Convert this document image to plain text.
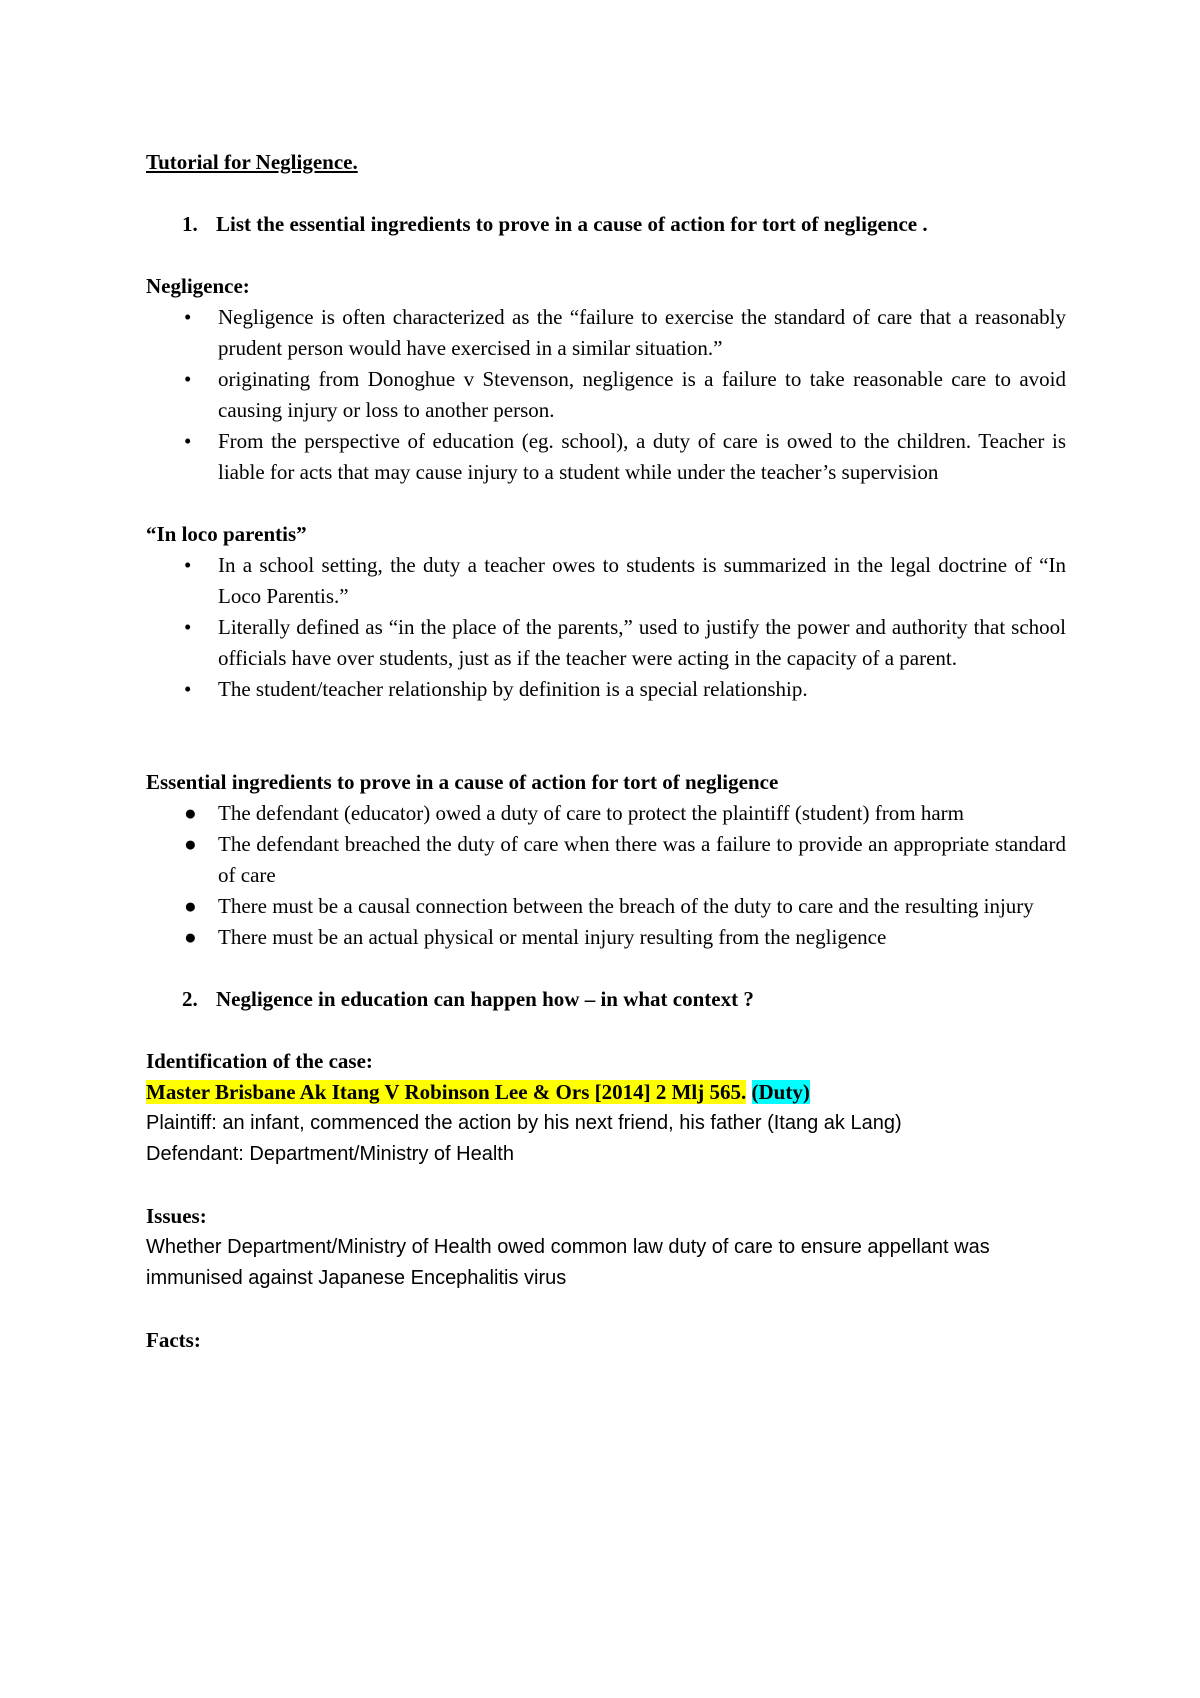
Tutorial for Negligence.

1. List the essential ingredients to prove in a cause of action for tort of negligence .

Negligence:

• Negligence is often characterized as the “failure to exercise the standard of care that a reasonably prudent person would have exercised in a similar situation.”
• originating from Donoghue v Stevenson, negligence is a failure to take reasonable care to avoid causing injury or loss to another person.
• From the perspective of education (eg. school), a duty of care is owed to the children. Teacher is liable for acts that may cause injury to a student while under the teacher’s supervision

“In loco parentis”

• In a school setting, the duty a teacher owes to students is summarized in the legal doctrine of “In Loco Parentis.”
• Literally defined as “in the place of the parents,” used to justify the power and authority that school officials have over students, just as if the teacher were acting in the capacity of a parent.
• The student/teacher relationship by definition is a special relationship.

Essential ingredients to prove in a cause of action for tort of negligence

● The defendant (educator) owed a duty of care to protect the plaintiff (student) from harm
● The defendant breached the duty of care when there was a failure to provide an appropriate standard of care
● There must be a causal connection between the breach of the duty to care and the resulting injury
● There must be an actual physical or mental injury resulting from the negligence
2. Negligence in education can happen how – in what context ?

Identification of the case:

Master Brisbane Ak Itang V Robinson Lee & Ors [2014] 2 Mlj 565. (Duty)

Plaintiff: an infant, commenced the action by his next friend, his father (Itang ak Lang)

Defendant: Department/Ministry of Health

Issues:

Whether Department/Ministry of Health owed common law duty of care to ensure appellant was immunised against Japanese Encephalitis virus

Facts:
